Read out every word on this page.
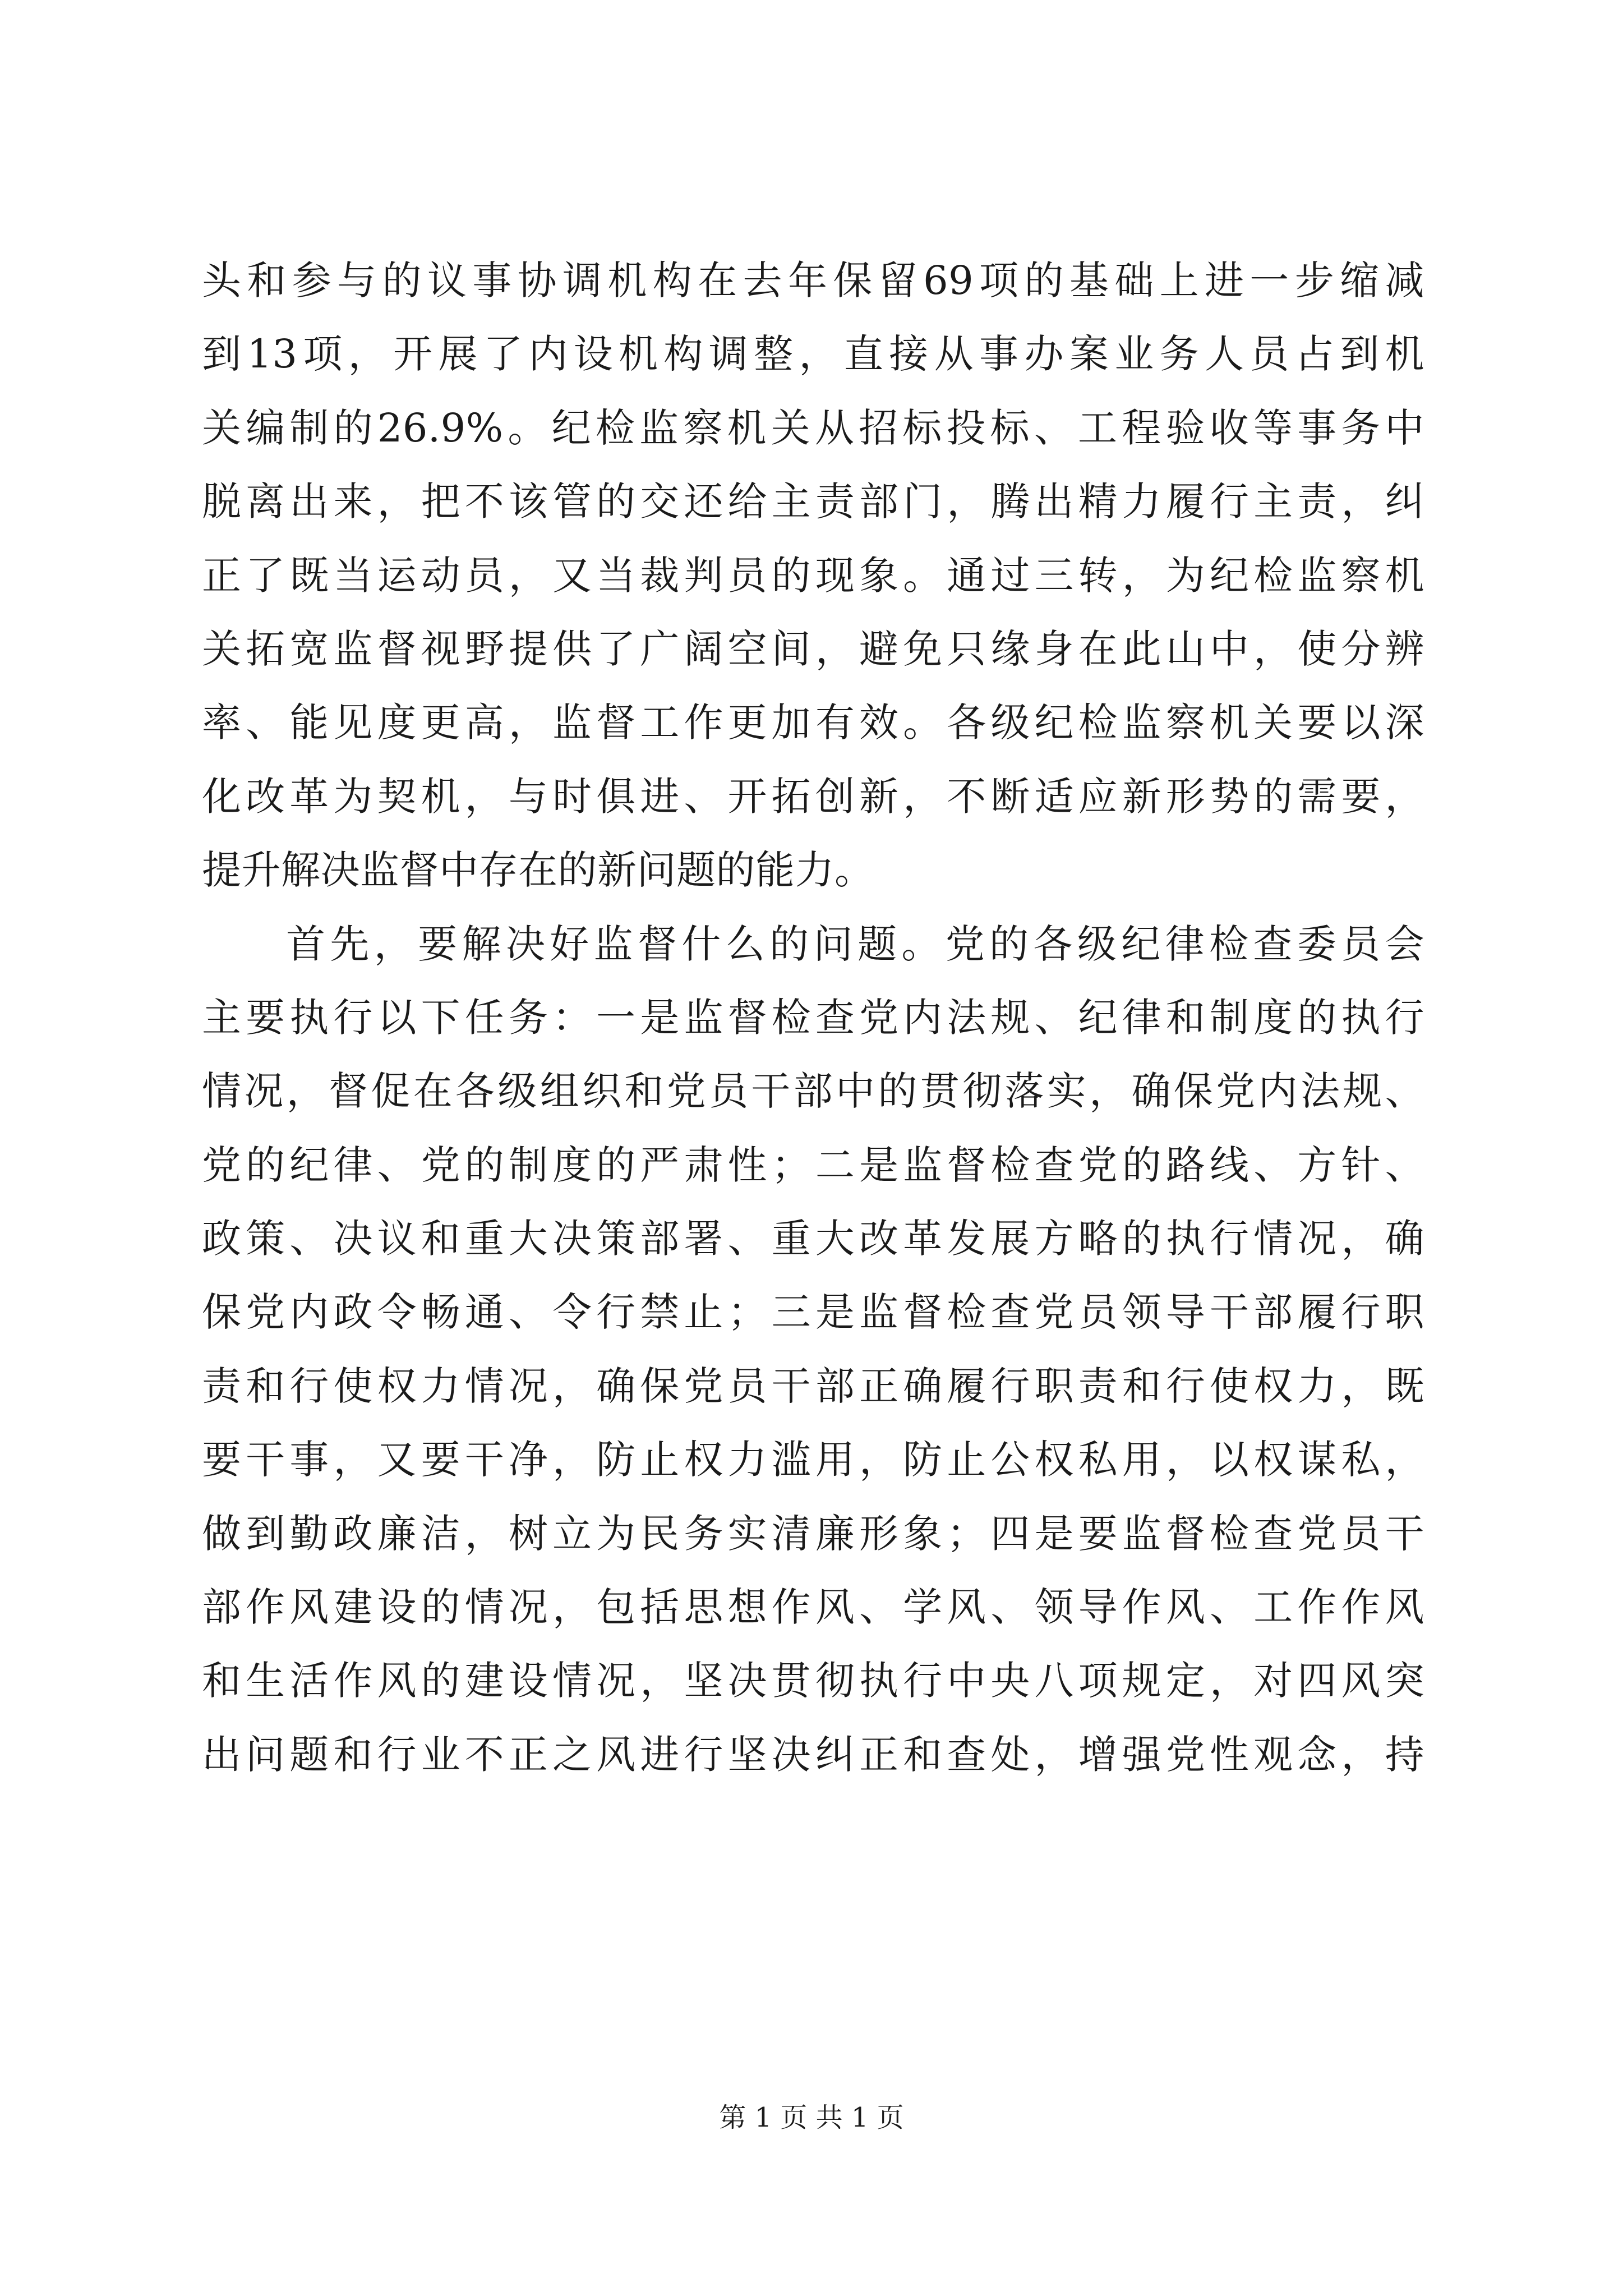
头和参与的议事协调机构在去年保留69项的基础上进一步缩减
到13项，开展了内设机构调整，直接从事办案业务人员占到机
关编制的26.9%。纪检监察机关从招标投标、工程验收等事务中
脱离出来，把不该管的交还给主责部门，腾出精力履行主责，纠
正了既当运动员，又当裁判员的现象。通过三转，为纪检监察机
关拓宽监督视野提供了广阔空间，避免只缘身在此山中，使分辨
率、能见度更高，监督工作更加有效。各级纪检监察机关要以深
化改革为契机，与时俱进、开拓创新，不断适应新形势的需要，
提升解决监督中存在的新问题的能力。
首先，要解决好监督什么的问题。党的各级纪律检查委员会
主要执行以下任务：一是监督检查党内法规、纪律和制度的执行
情况，督促在各级组织和党员干部中的贯彻落实，确保党内法规、
党的纪律、党的制度的严肃性；二是监督检查党的路线、方针、
政策、决议和重大决策部署、重大改革发展方略的执行情况，确
保党内政令畅通、令行禁止；三是监督检查党员领导干部履行职
责和行使权力情况，确保党员干部正确履行职责和行使权力，既
要干事，又要干净，防止权力滥用，防止公权私用，以权谋私，
做到勤政廉洁，树立为民务实清廉形象；四是要监督检查党员干
部作风建设的情况，包括思想作风、学风、领导作风、工作作风
和生活作风的建设情况，坚决贯彻执行中央八项规定，对四风突
出问题和行业不正之风进行坚决纠正和查处，增强党性观念，持
第 1 页 共 1 页
